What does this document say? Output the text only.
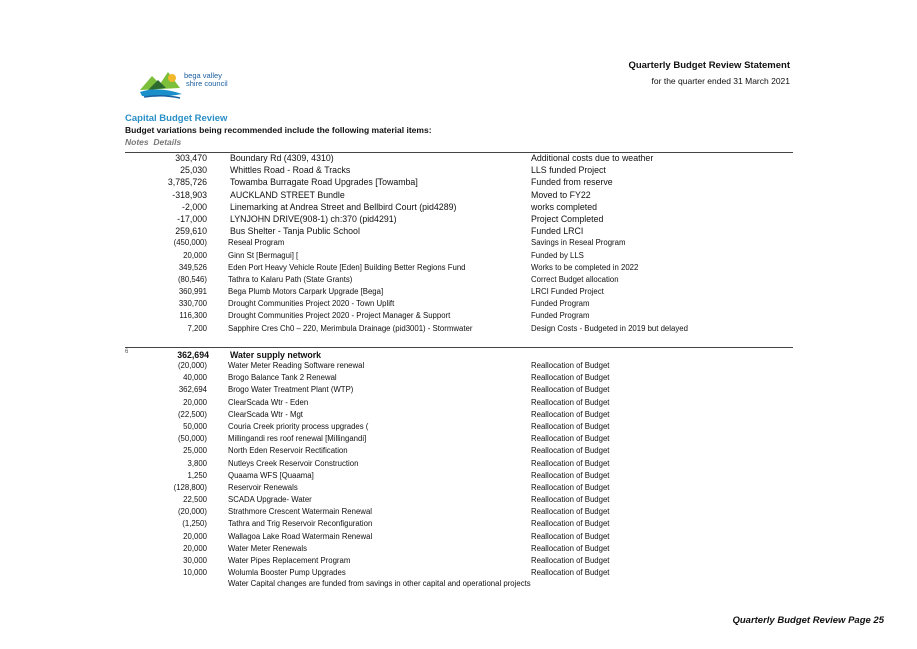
bega valley
shire council
Quarterly Budget Review Statement
for the quarter ended 31 March 2021
Capital Budget Review
Budget variations being recommended include the following material items:
Notes  Details
303,470	Boundary Rd (4309, 4310)	Additional costs due to weather
25,030	Whittles Road - Road & Tracks	LLS funded Project
3,785,726	Towamba Burragate Road Upgrades [Towamba]	Funded from reserve
-318,903	AUCKLAND STREET Bundle	Moved to FY22
-2,000	Linemarking at Andrea Street and Bellbird Court (pid4289)	works completed
-17,000	LYNJOHN DRIVE(908-1) ch:370 (pid4291)	Project Completed
259,610	Bus Shelter - Tanja Public School	Funded LRCI
(450,000)	Reseal Program	Savings in Reseal Program
20,000	Ginn St [Bermagui] [	Funded by LLS
349,526	Eden Port Heavy Vehicle Route [Eden] Building Better Regions Fund	Works to be completed in 2022
(80,546)	Tathra to Kalaru Path (State Grants)	Correct Budget allocation
360,991	Bega Plumb Motors Carpark Upgrade [Bega]	LRCI Funded Project
330,700	Drought Communities Project 2020 - Town Uplift	Funded Program
116,300	Drought Communities Project 2020 - Project Manager & Support	Funded Program
7,200	Sapphire Cres Ch0 – 220, Merimbula Drainage (pid3001) - Stormwater	Design Costs - Budgeted in 2019 but delayed
6	362,694 Water supply network
(20,000)	Water Meter Reading Software renewal	Reallocation of Budget
40,000	Brogo Balance Tank 2 Renewal	Reallocation of Budget
362,694	Brogo Water Treatment Plant (WTP)	Reallocation of Budget
20,000	ClearScada Wtr - Eden	Reallocation of Budget
(22,500)	ClearScada Wtr - Mgt	Reallocation of Budget
50,000	Couria Creek priority process upgrades (	Reallocation of Budget
(50,000)	Millingandi res roof renewal [Millingandi]	Reallocation of Budget
25,000	North Eden Reservoir Rectification	Reallocation of Budget
3,800	Nutleys Creek Reservoir Construction	Reallocation of Budget
1,250	Quaama WFS [Quaama]	Reallocation of Budget
(128,800)	Reservoir Renewals	Reallocation of Budget
22,500	SCADA Upgrade- Water	Reallocation of Budget
(20,000)	Strathmore Crescent Watermain Renewal	Reallocation of Budget
(1,250)	Tathra and Trig Reservoir Reconfiguration	Reallocation of Budget
20,000	Wallagoa Lake Road Watermain Renewal	Reallocation of Budget
20,000	Water Meter Renewals	Reallocation of Budget
30,000	Water Pipes Replacement Program	Reallocation of Budget
10,000	Wolumla Booster Pump Upgrades	Reallocation of Budget
Water Capital changes are funded from savings in other capital and operational projects
Quarterly Budget Review Page 25
